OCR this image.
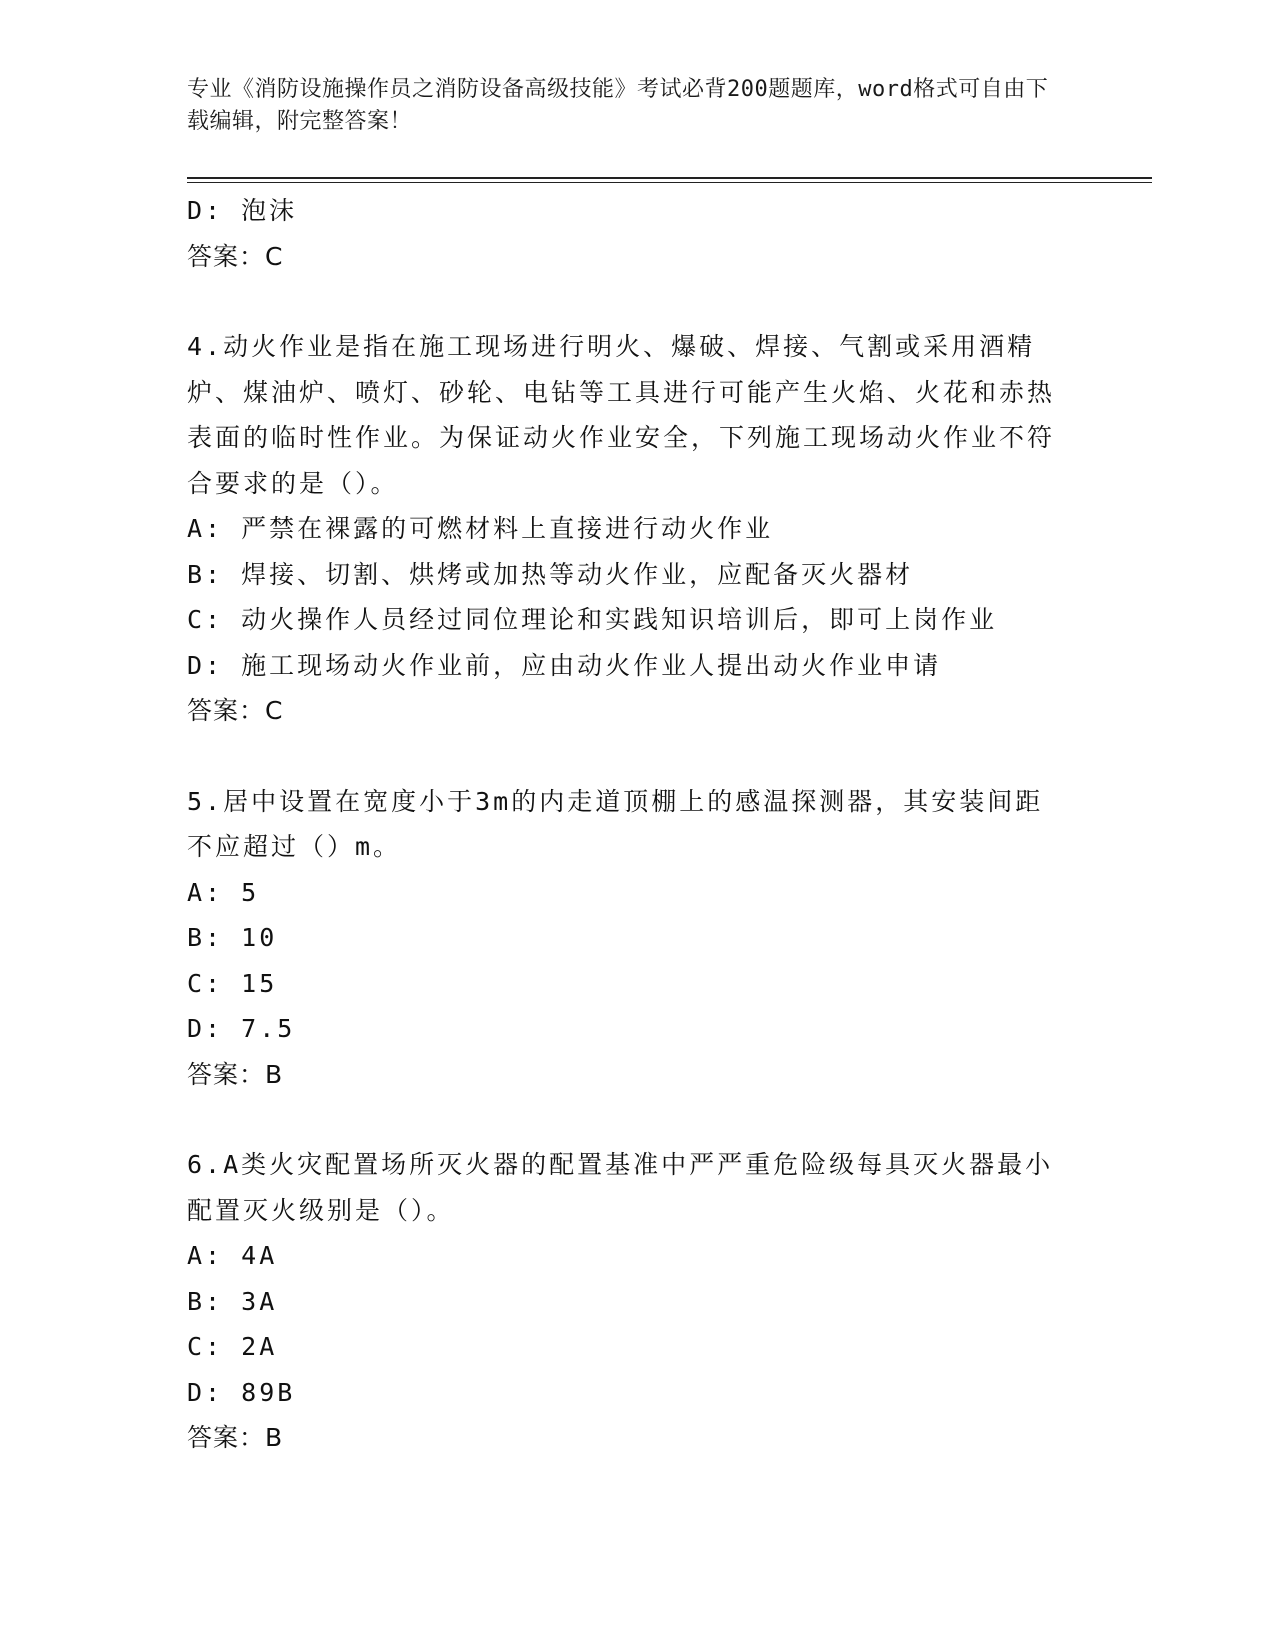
专业《消防设施操作员之消防设备高级技能》考试必背200题题库，word格式可自由下载编辑，附完整答案！

D: 泡沫

答案：C

4.动火作业是指在施工现场进行明火、爆破、焊接、气割或采用酒精炉、煤油炉、喷灯、砂轮、电钻等工具进行可能产生火焰、火花和赤热表面的临时性作业。为保证动火作业安全，下列施工现场动火作业不符合要求的是（）。

A: 严禁在裸露的可燃材料上直接进行动火作业

B: 焊接、切割、烘烤或加热等动火作业，应配备灭火器材

C: 动火操作人员经过同位理论和实践知识培训后，即可上岗作业

D: 施工现场动火作业前，应由动火作业人提出动火作业申请

答案：C

5.居中设置在宽度小于3m的内走道顶棚上的感温探测器，其安装间距不应超过（）m。

A: 5

B: 10

C: 15

D: 7.5

答案：B

6.A类火灾配置场所灭火器的配置基准中严严重危险级每具灭火器最小配置灭火级别是（）。

A: 4A

B: 3A

C: 2A

D: 89B

答案：B
